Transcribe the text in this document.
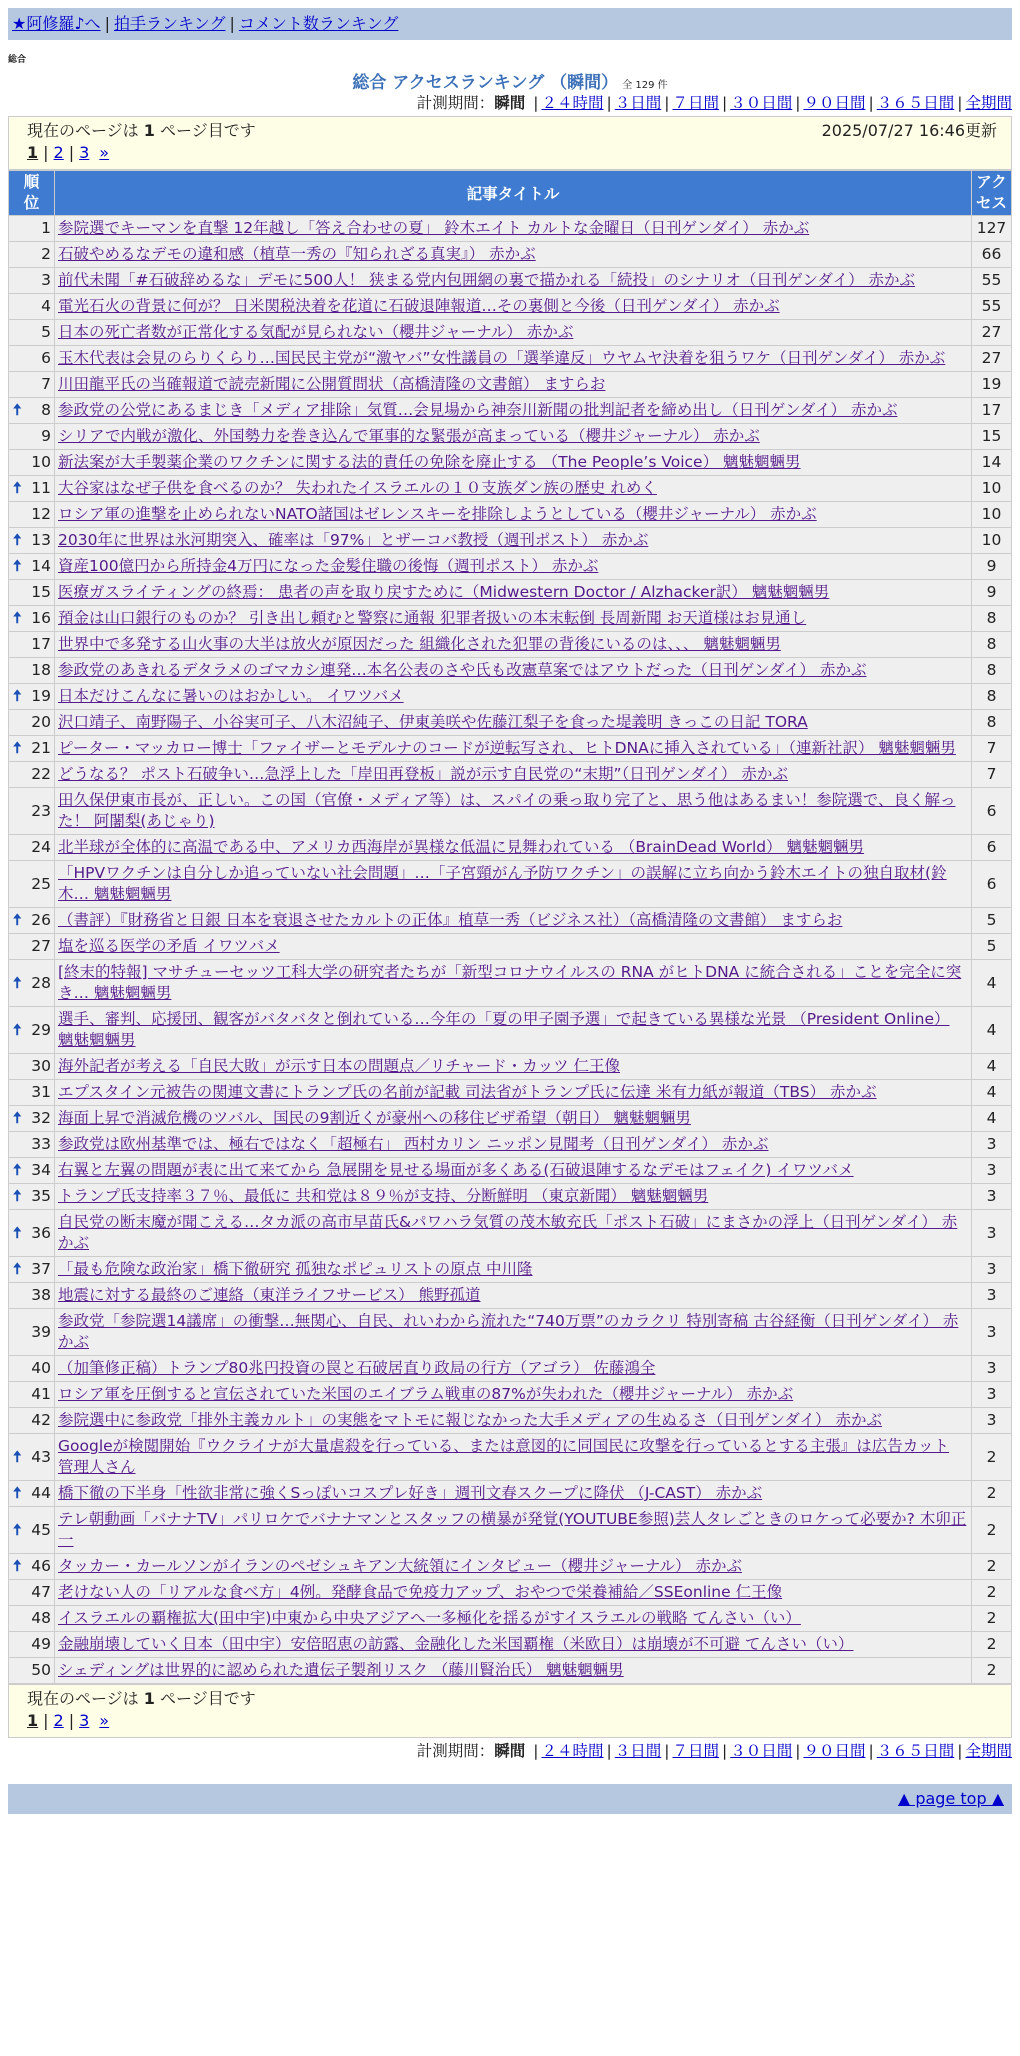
★阿修羅♪へ | 拍手ランキング | コメント数ランキング
総合
総合 アクセスランキング （瞬間） 全 129 件
計測期間：瞬間 | ２４時間 | ３日間 | ７日間 | ３０日間 | ９０日間 | ３６５日間 | 全期間
現在のページは 1 ページ目です	2025/07/27 16:46更新
1 | 2 | 3 »
順位	記事タイトル	アクセス
1	参院選でキーマンを直撃 12年越し「答え合わせの夏」 鈴木エイト カルトな金曜日（日刊ゲンダイ） 赤かぶ	127
2	石破やめるなデモの違和感（植草一秀の『知られざる真実』） 赤かぶ	66
3	前代未聞「#石破辞めるな」デモに500人！ 狭まる党内包囲網の裏で描かれる「続投」のシナリオ（日刊ゲンダイ） 赤かぶ	55
4	電光石火の背景に何が？ 日米関税決着を花道に石破退陣報道…その裏側と今後（日刊ゲンダイ） 赤かぶ	55
5	日本の死亡者数が正常化する気配が見られない（櫻井ジャーナル） 赤かぶ	27
6	玉木代表は会見のらりくらり…国民民主党が“激ヤバ”女性議員の「選挙違反」ウヤムヤ決着を狙うワケ（日刊ゲンダイ） 赤かぶ	27
7	川田龍平氏の当確報道で読売新聞に公開質問状（高橋清隆の文書館） ますらお	19

🠅 8	参政党の公党にあるまじき「メディア排除」気質…会見場から神奈川新聞の批判記者を締め出し（日刊ゲンダイ） 赤かぶ	17
9	シリアで内戦が激化、外国勢力を巻き込んで軍事的な緊張が高まっている（櫻井ジャーナル） 赤かぶ	15
10	新法案が大手製薬企業のワクチンに関する法的責任の免除を廃止する （The People’s Voice） 魑魅魍魎男	14

🠅 11	大谷家はなぜ子供を食べるのか？ 失われたイスラエルの１０支族ダン族の歴史 れめく	10
12	ロシア軍の進撃を止められないNATO諸国はゼレンスキーを排除しようとしている（櫻井ジャーナル） 赤かぶ	10

🠅 13	2030年に世界は氷河期突入、確率は「97%」とザーコバ教授（週刊ポスト） 赤かぶ	10

🠅 14	資産100億円から所持金4万円になった金髪住職の後悔（週刊ポスト） 赤かぶ	9
15	医療ガスライティングの終焉： 患者の声を取り戻すために（Midwestern Doctor / Alzhacker訳） 魑魅魍魎男	9

🠅 16	預金は山口銀行のものか？ 引き出し頼むと警察に通報 犯罪者扱いの本末転倒 長周新聞 お天道様はお見通し	8
17	世界中で多発する山火事の大半は放火が原因だった 組織化された犯罪の背後にいるのは、、、 魑魅魍魎男	8
18	参政党のあきれるデタラメのゴマカシ連発…本名公表のさや氏も改憲草案ではアウトだった（日刊ゲンダイ） 赤かぶ	8

🠅 19	日本だけこんなに暑いのはおかしい。 イワツバメ	8
20	沢口靖子、南野陽子、小谷実可子、八木沼純子、伊東美咲や佐藤江梨子を食った堤義明 きっこの日記 TORA	8

🠅 21	ピーター・マッカロー博士「ファイザーとモデルナのコードが逆転写され、ヒトDNAに挿入されている」（連新社訳） 魑魅魍魎男	7
22	どうなる？ ポスト石破争い…急浮上した「岸田再登板」説が示す自民党の“末期”（日刊ゲンダイ） 赤かぶ	7
23	田久保伊東市長が、正しい。この国（官僚・メディア等）は、スパイの乗っ取り完了と、思う他はあるまい！参院選で、良く解った！ 阿闍梨(あじゃり)	6
24	北半球が全体的に高温である中、アメリカ西海岸が異様な低温に見舞われている （BrainDead World） 魑魅魍魎男	6
25	「HPVワクチンは自分しか追っていない社会問題」…「子宮頸がん予防ワクチン」の誤解に立ち向かう鈴木エイトの独自取材(鈴木… 魑魅魍魎男	6

🠅 26	（書評）『財務省と日銀 日本を衰退させたカルトの正体』植草一秀（ビジネス社）（高橋清隆の文書館） ますらお	5
27	塩を巡る医学の矛盾 イワツバメ	5

🠅 28	[終末的特報] マサチューセッツ工科大学の研究者たちが「新型コロナウイルスの RNA がヒトDNA に統合される」ことを完全に突き… 魑魅魍魎男	4

🠅 29	選手、審判、応援団、観客がバタバタと倒れている…今年の「夏の甲子園予選」で起きている異様な光景 （President Online） 魑魅魍魎男	4
30	海外記者が考える「自民大敗」が示す日本の問題点／リチャード・カッツ 仁王像	4
31	エプスタイン元被告の関連文書にトランプ氏の名前が記載 司法省がトランプ氏に伝達 米有力紙が報道（TBS） 赤かぶ	4

🠅 32	海面上昇で消滅危機のツバル、国民の9割近くが豪州への移住ビザ希望（朝日） 魑魅魍魎男	4
33	参政党は欧州基準では、極右ではなく「超極右」 西村カリン ニッポン見聞考（日刊ゲンダイ） 赤かぶ	3

🠅 34	右翼と左翼の問題が表に出て来てから 急展開を見せる場面が多くある(石破退陣するなデモはフェイク) イワツバメ	3

🠅 35	トランプ氏支持率３７％、最低に 共和党は８９％が支持、分断鮮明 （東京新聞） 魑魅魍魎男	3

🠅 36	自民党の断末魔が聞こえる…タカ派の高市早苗氏&パワハラ気質の茂木敏充氏「ポスト石破」にまさかの浮上（日刊ゲンダイ） 赤かぶ	3

🠅 37	「最も危険な政治家」橋下徹研究 孤独なポピュリストの原点 中川隆	3
38	地震に対する最終のご連絡（東洋ライフサービス） 熊野孤道	3
39	参政党「参院選14議席」の衝撃…無関心、自民、れいわから流れた“740万票”のカラクリ 特別寄稿 古谷経衡（日刊ゲンダイ） 赤かぶ	3
40	（加筆修正稿）トランプ80兆円投資の罠と石破居直り政局の行方（アゴラ） 佐藤鴻全	3
41	ロシア軍を圧倒すると宣伝されていた米国のエイブラム戦車の87%が失われた（櫻井ジャーナル） 赤かぶ	3
42	参院選中に参政党「排外主義カルト」の実態をマトモに報じなかった大手メディアの生ぬるさ（日刊ゲンダイ） 赤かぶ	3

🠅 43	Googleが検閲開始『ウクライナが大量虐殺を行っている、または意図的に同国民に攻撃を行っているとする主張』は広告カット 管理人さん	2

🠅 44	橋下徹の下半身「性欲非常に強くSっぽいコスプレ好き」週刊文春スクープに降伏 （J-CAST） 赤かぶ	2

🠅 45	テレ朝動画「バナナTV」パリロケでバナナマンとスタッフの横暴が発覚(YOUTUBE参照)芸人タレごときのロケって必要か? 木卯正一	2

🠅 46	タッカー・カールソンがイランのペゼシュキアン大統領にインタビュー（櫻井ジャーナル） 赤かぶ	2
47	老けない人の「リアルな食べ方」4例。発酵食品で免疫力アップ、おやつで栄養補給／SSEonline 仁王像	2
48	イスラエルの覇権拡大(田中宇)中東から中央アジアへ一多極化を揺るがすイスラエルの戦略 てんさい（い）	2
49	金融崩壊していく日本（田中宇）安倍昭恵の訪露、金融化した米国覇権（米欧日）は崩壊が不可避 てんさい（い）	2
50	シェディングは世界的に認められた遺伝子製剤リスク （藤川賢治氏） 魑魅魍魎男	2
現在のページは 1 ページ目です
1 | 2 | 3 »
計測期間：瞬間 | ２４時間 | ３日間 | ７日間 | ３０日間 | ９０日間 | ３６５日間 | 全期間
▲ page top ▲
